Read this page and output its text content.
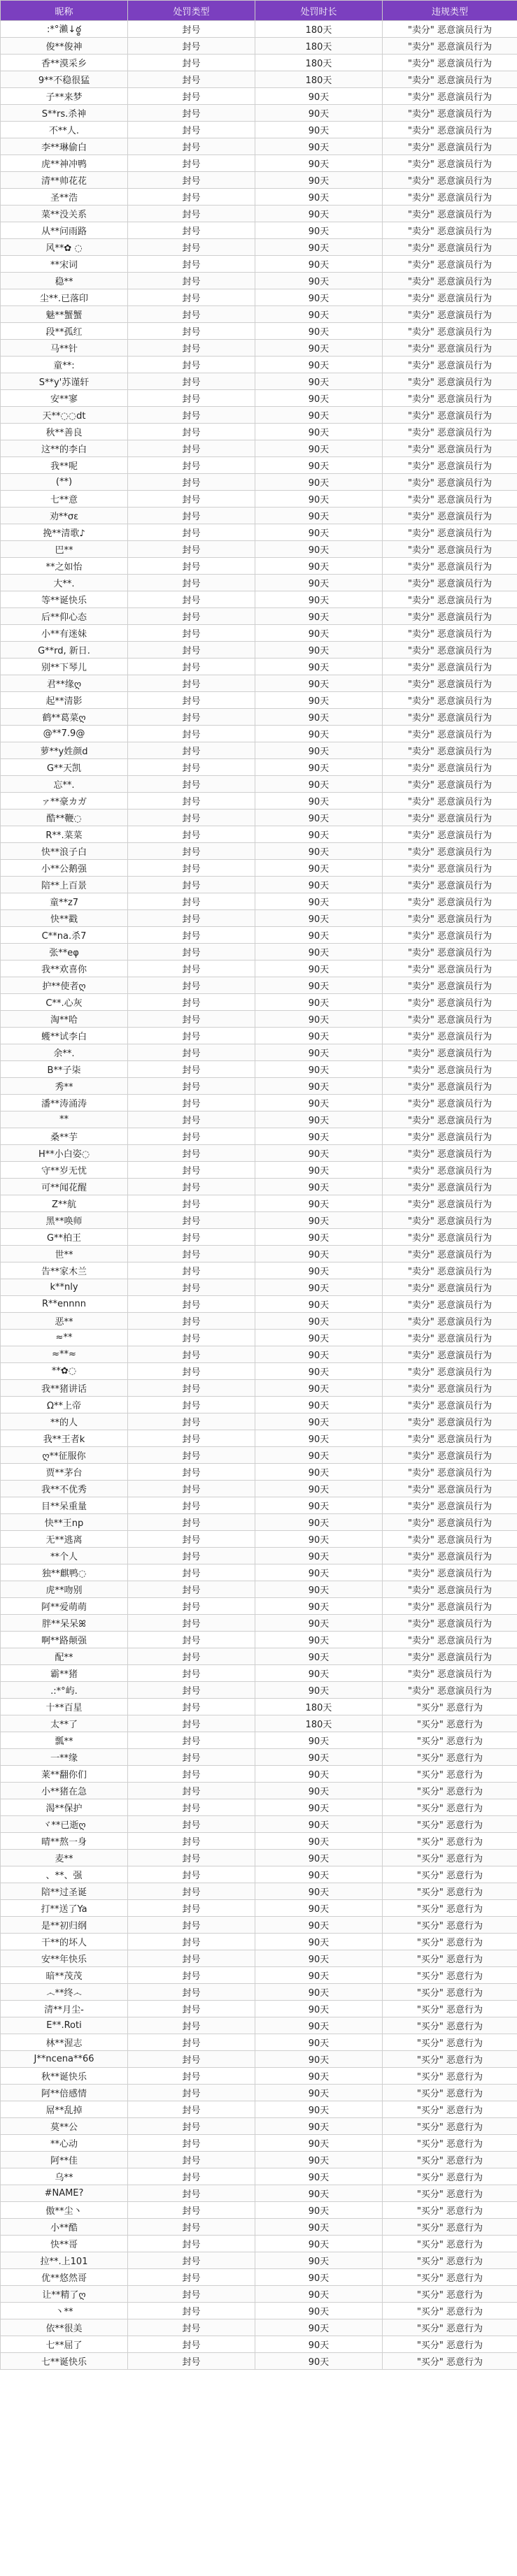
昵称	处罚类型	处罚时长	违规类型
:*°瀨↓ఠ్ఠ	封号	180天	"卖分" 恶意演员行为
俊**俊神	封号	180天	"卖分" 恶意演员行为
香**漠采乡	封号	180天	"卖分" 恶意演员行为
9**不稳很猛	封号	180天	"卖分" 恶意演员行为
子**来梦	封号	90天	"卖分" 恶意演员行为
S**rs.杀神	封号	90天	"卖分" 恶意演员行为
不**人.	封号	90天	"卖分" 恶意演员行为
李**琳偷白	封号	90天	"卖分" 恶意演员行为
虎**神冲鸭	封号	90天	"卖分" 恶意演员行为
清**帅花花	封号	90天	"卖分" 恶意演员行为
圣**浩	封号	90天	"卖分" 恶意演员行为
菜**没关系	封号	90天	"卖分" 恶意演员行为
从**问雨路	封号	90天	"卖分" 恶意演员行为
风**✿ ◌	封号	90天	"卖分" 恶意演员行为
**宋词	封号	90天	"卖分" 恶意演员行为
稳**	封号	90天	"卖分" 恶意演员行为
尘**.已落印	封号	90天	"卖分" 恶意演员行为
魅**蟹蟹	封号	90天	"卖分" 恶意演员行为
段**孤红	封号	90天	"卖分" 恶意演员行为
马**针	封号	90天	"卖分" 恶意演员行为
童**:	封号	90天	"卖分" 恶意演员行为
S**y'苏谨轩	封号	90天	"卖分" 恶意演员行为
安**寥	封号	90天	"卖分" 恶意演员行为
天**◌◌dt	封号	90天	"卖分" 恶意演员行为
秋**善良	封号	90天	"卖分" 恶意演员行为
这**的李白	封号	90天	"卖分" 恶意演员行为
我**呢	封号	90天	"卖分" 恶意演员行为
(**)	封号	90天	"卖分" 恶意演员行为
七**意	封号	90天	"卖分" 恶意演员行为
劝**σε	封号	90天	"卖分" 恶意演员行为
挽**清歌♪	封号	90天	"卖分" 恶意演员行为
巴**	封号	90天	"卖分" 恶意演员行为
**之如怡	封号	90天	"卖分" 恶意演员行为
大**.	封号	90天	"卖分" 恶意演员行为
等**诞快乐	封号	90天	"卖分" 恶意演员行为
后**仰心态	封号	90天	"卖分" 恶意演员行为
小**有迷妹	封号	90天	"卖分" 恶意演员行为
G**rd, 新日.	封号	90天	"卖分" 恶意演员行为
别**下琴儿	封号	90天	"卖分" 恶意演员行为
君**缘ღ	封号	90天	"卖分" 恶意演员行为
起**清影	封号	90天	"卖分" 恶意演员行为
鹤**葛菜ღ	封号	90天	"卖分" 恶意演员行为
@**7.9@	封号	90天	"卖分" 恶意演员行为
萝**y姓颜d	封号	90天	"卖分" 恶意演员行为
G**天凯	封号	90天	"卖分" 恶意演员行为
忘**.	封号	90天	"卖分" 恶意演员行为
ァ**豪カガ	封号	90天	"卖分" 恶意演员行为
酷**鞭◌	封号	90天	"卖分" 恶意演员行为
R**.菜菜	封号	90天	"卖分" 恶意演员行为
快**浪子白	封号	90天	"卖分" 恶意演员行为
小**公鹅强	封号	90天	"卖分" 恶意演员行为
陪**上百景	封号	90天	"卖分" 恶意演员行为
童**z7	封号	90天	"卖分" 恶意演员行为
快**戳	封号	90天	"卖分" 恶意演员行为
C**na.杀7	封号	90天	"卖分" 恶意演员行为
张**eφ	封号	90天	"卖分" 恶意演员行为
我**欢喜你	封号	90天	"卖分" 恶意演员行为
护**使者ღ	封号	90天	"卖分" 恶意演员行为
C**.心灰	封号	90天	"卖分" 恶意演员行为
淘**哈	封号	90天	"卖分" 恶意演员行为
蠖**试李白	封号	90天	"卖分" 恶意演员行为
余**.	封号	90天	"卖分" 恶意演员行为
B**子柒	封号	90天	"卖分" 恶意演员行为
秀**	封号	90天	"卖分" 恶意演员行为
潘**涛涌涛	封号	90天	"卖分" 恶意演员行为
**	封号	90天	"卖分" 恶意演员行为
桑**芋	封号	90天	"卖分" 恶意演员行为
H**小白姿◌	封号	90天	"卖分" 恶意演员行为
守**岁无忧	封号	90天	"卖分" 恶意演员行为
可**闻花醒	封号	90天	"卖分" 恶意演员行为
Z**航	封号	90天	"卖分" 恶意演员行为
黑**唤师	封号	90天	"卖分" 恶意演员行为
G**柏王	封号	90天	"卖分" 恶意演员行为
世**	封号	90天	"卖分" 恶意演员行为
告**家木兰	封号	90天	"卖分" 恶意演员行为
k**nly	封号	90天	"卖分" 恶意演员行为
R**ennnn	封号	90天	"卖分" 恶意演员行为
恶**	封号	90天	"卖分" 恶意演员行为
≈**	封号	90天	"卖分" 恶意演员行为
≈**≈	封号	90天	"卖分" 恶意演员行为
**✿◌	封号	90天	"卖分" 恶意演员行为
我**猪讲话	封号	90天	"卖分" 恶意演员行为
Ω**上帝	封号	90天	"卖分" 恶意演员行为
**的人	封号	90天	"卖分" 恶意演员行为
我**王者k	封号	90天	"卖分" 恶意演员行为
ღ**征服你	封号	90天	"卖分" 恶意演员行为
贾**茅台	封号	90天	"卖分" 恶意演员行为
我**不优秀	封号	90天	"卖分" 恶意演员行为
目**呆重量	封号	90天	"卖分" 恶意演员行为
快**王np	封号	90天	"卖分" 恶意演员行为
无**逃离	封号	90天	"卖分" 恶意演员行为
**个人	封号	90天	"卖分" 恶意演员行为
独**麒鸭◌	封号	90天	"卖分" 恶意演员行为
虎**吻别	封号	90天	"卖分" 恶意演员行为
阿**爱萌萌	封号	90天	"卖分" 恶意演员行为
胖**呆呆ꕤ	封号	90天	"卖分" 恶意演员行为
啊**路颠强	封号	90天	"卖分" 恶意演员行为
配**	封号	90天	"卖分" 恶意演员行为
霸**猪	封号	90天	"卖分" 恶意演员行为
.:*°屿.	封号	90天	"卖分" 恶意演员行为
十**百星	封号	180天	"买分" 恶意行为
太**了	封号	180天	"买分" 恶意行为
瓢**	封号	90天	"买分" 恶意行为
一**缘	封号	90天	"买分" 恶意行为
莱**翻你们	封号	90天	"买分" 恶意行为
小**猪在急	封号	90天	"买分" 恶意行为
渴**保护	封号	90天	"买分" 恶意行为
ヾ**已逝ღ	封号	90天	"买分" 恶意行为
晴**熬一身	封号	90天	"买分" 恶意行为
麦**	封号	90天	"买分" 恶意行为
、**、强	封号	90天	"买分" 恶意行为
陪**过圣诞	封号	90天	"买分" 恶意行为
打**送了Ya	封号	90天	"买分" 恶意行为
是**初归纲	封号	90天	"买分" 恶意行为
干**的坏人	封号	90天	"买分" 恶意行为
安**年快乐	封号	90天	"买分" 恶意行为
暗**茂茂	封号	90天	"买分" 恶意行为
෴**终෴	封号	90天	"买分" 恶意行为
清**月尘-	封号	90天	"买分" 恶意行为
E**.Roti	封号	90天	"买分" 恶意行为
林**渥志	封号	90天	"买分" 恶意行为
J**ncena**66	封号	90天	"买分" 恶意行为
秋**诞快乐	封号	90天	"买分" 恶意行为
阿**倍感情	封号	90天	"买分" 恶意行为
屌**乱掉	封号	90天	"买分" 恶意行为
莫**公	封号	90天	"买分" 恶意行为
**心动	封号	90天	"买分" 恶意行为
阿**佳	封号	90天	"买分" 恶意行为
乌**	封号	90天	"买分" 恶意行为
#NAME?	封号	90天	"买分" 恶意行为
傲**尘丶	封号	90天	"买分" 恶意行为
小**酷	封号	90天	"买分" 恶意行为
快**哥	封号	90天	"买分" 恶意行为
拉**.上101	封号	90天	"买分" 恶意行为
优**悠然哥	封号	90天	"买分" 恶意行为
让**精了ღ	封号	90天	"买分" 恶意行为
丶**	封号	90天	"买分" 恶意行为
依**很美	封号	90天	"买分" 恶意行为
七**屈了	封号	90天	"买分" 恶意行为
七**诞快乐	封号	90天	"买分" 恶意行为
